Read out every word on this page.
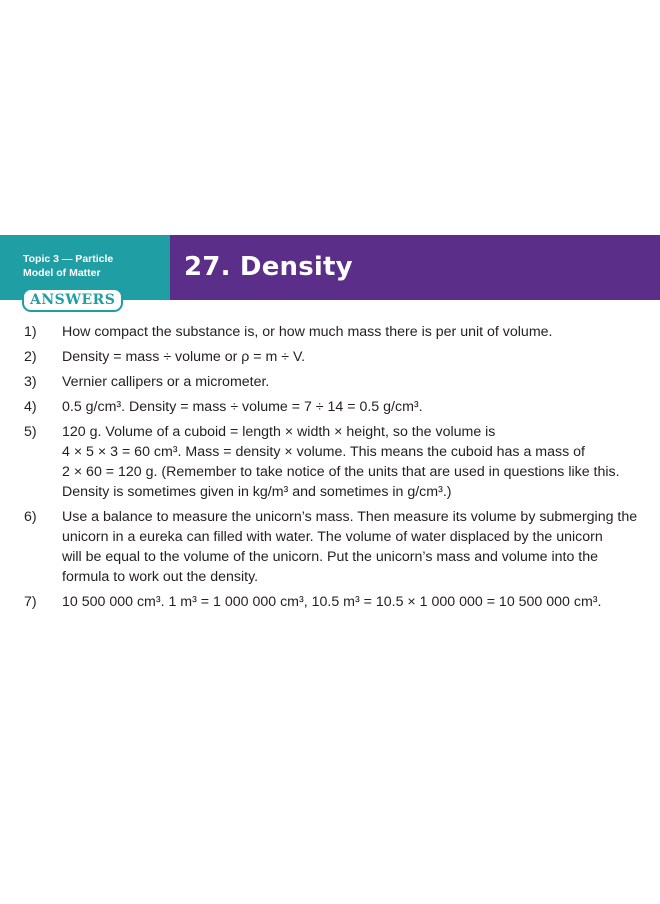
Topic 3 — Particle
Model of Matter	27. Density
ANSWERS
1) How compact the substance is, or how much mass there is per unit of volume.
2) Density = mass ÷ volume or ρ = m ÷ V.
3) Vernier callipers or a micrometer.
4) 0.5 g/cm³. Density = mass ÷ volume = 7 ÷ 14 = 0.5 g/cm³.
5) 120 g. Volume of a cuboid = length × width × height, so the volume is
4 × 5 × 3 = 60 cm³. Mass = density × volume. This means the cuboid has a mass of
2 × 60 = 120 g. (Remember to take notice of the units that are used in questions like this.
Density is sometimes given in kg/m³ and sometimes in g/cm³.)
6) Use a balance to measure the unicorn’s mass. Then measure its volume by submerging the
unicorn in a eureka can filled with water. The volume of water displaced by the unicorn
will be equal to the volume of the unicorn. Put the unicorn’s mass and volume into the
formula to work out the density.
7) 10 500 000 cm³. 1 m³ = 1 000 000 cm³, 10.5 m³ = 10.5 × 1 000 000 = 10 500 000 cm³.
